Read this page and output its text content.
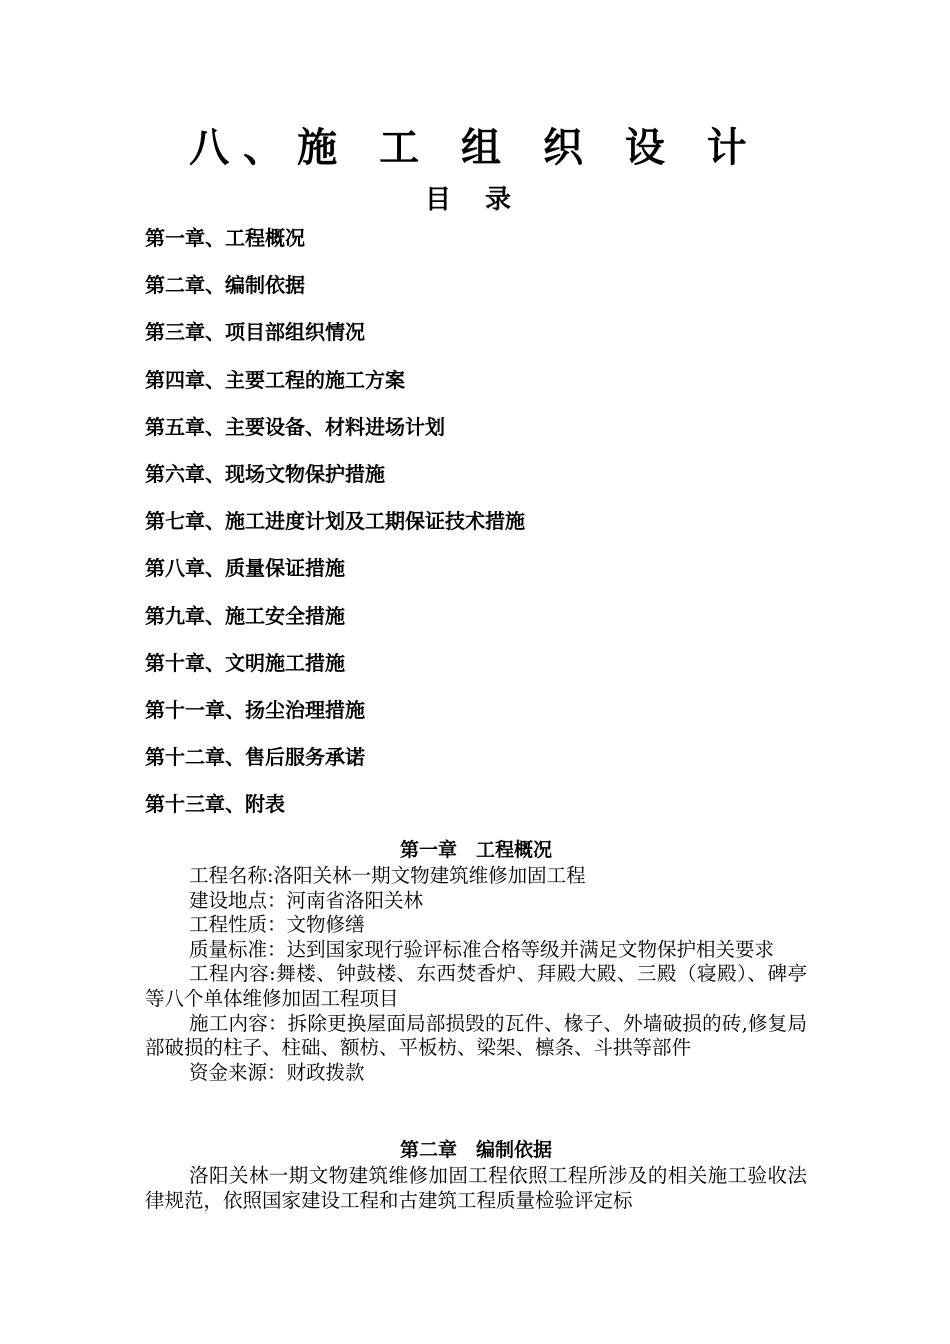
八、施 工 组 织 设 计
目录
第一章、工程概况
第二章、编制依据
第三章、项目部组织情况
第四章、主要工程的施工方案
第五章、主要设备、材料进场计划
第六章、现场文物保护措施
第七章、施工进度计划及工期保证技术措施
第八章、质量保证措施
第九章、施工安全措施
第十章、文明施工措施
第十一章、扬尘治理措施
第十二章、售后服务承诺
第十三章、附表
第一章　工程概况

工程名称:洛阳关林一期文物建筑维修加固工程

建设地点：河南省洛阳关林

工程性质：文物修缮

质量标准：达到国家现行验评标准合格等级并满足文物保护相关要求

工程内容:舞楼、钟鼓楼、东西焚香炉、拜殿大殿、三殿（寝殿）、碑亭等八个单体维修加固工程项目

施工内容：拆除更换屋面局部损毁的瓦件、椽子、外墙破损的砖,修复局部破损的柱子、柱础、额枋、平板枋、梁架、檩条、斗拱等部件

资金来源：财政拨款

第二章　编制依据

洛阳关林一期文物建筑维修加固工程依照工程所涉及的相关施工验收法律规范，依照国家建设工程和古建筑工程质量检验评定标
